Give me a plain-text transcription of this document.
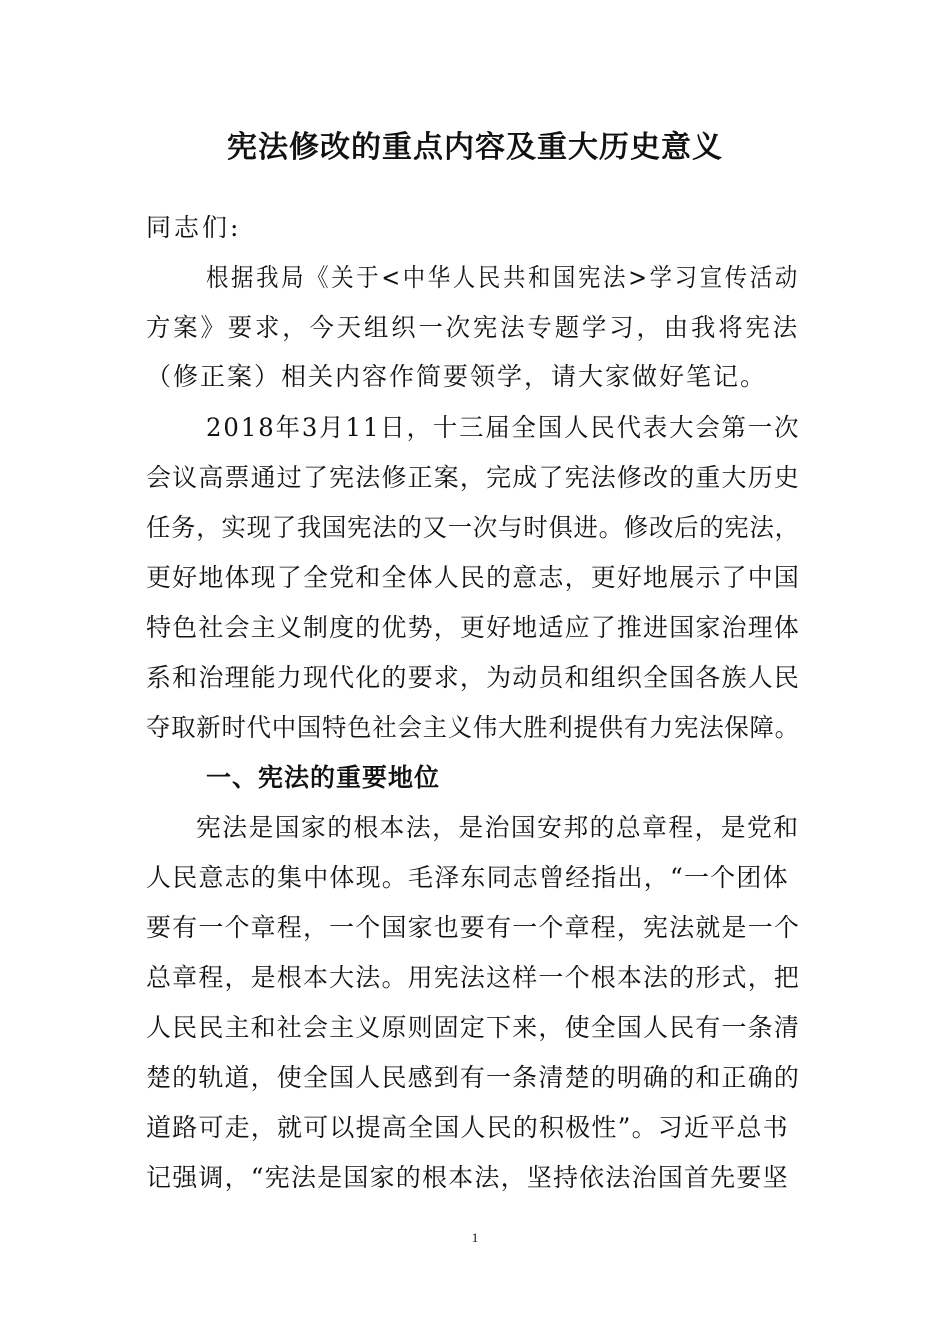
宪法修改的重点内容及重大历史意义
同志们:
根据我局《关于<中华人民共和国宪法>学习宣传活动
方案》要求，今天组织一次宪法专题学习，由我将宪法
（修正案）相关内容作简要领学，请大家做好笔记。
2018年3月11日，十三届全国人民代表大会第一次
会议高票通过了宪法修正案，完成了宪法修改的重大历史
任务，实现了我国宪法的又一次与时俱进。修改后的宪法，
更好地体现了全党和全体人民的意志，更好地展示了中国
特色社会主义制度的优势，更好地适应了推进国家治理体
系和治理能力现代化的要求，为动员和组织全国各族人民
夺取新时代中国特色社会主义伟大胜利提供有力宪法保障。
一、宪法的重要地位
宪法是国家的根本法，是治国安邦的总章程，是党和
人民意志的集中体现。毛泽东同志曾经指出，“一个团体
要有一个章程，一个国家也要有一个章程，宪法就是一个
总章程，是根本大法。用宪法这样一个根本法的形式，把
人民民主和社会主义原则固定下来，使全国人民有一条清
楚的轨道，使全国人民感到有一条清楚的明确的和正确的
道路可走，就可以提高全国人民的积极性”。习近平总书
记强调，“宪法是国家的根本法，坚持依法治国首先要坚
1
